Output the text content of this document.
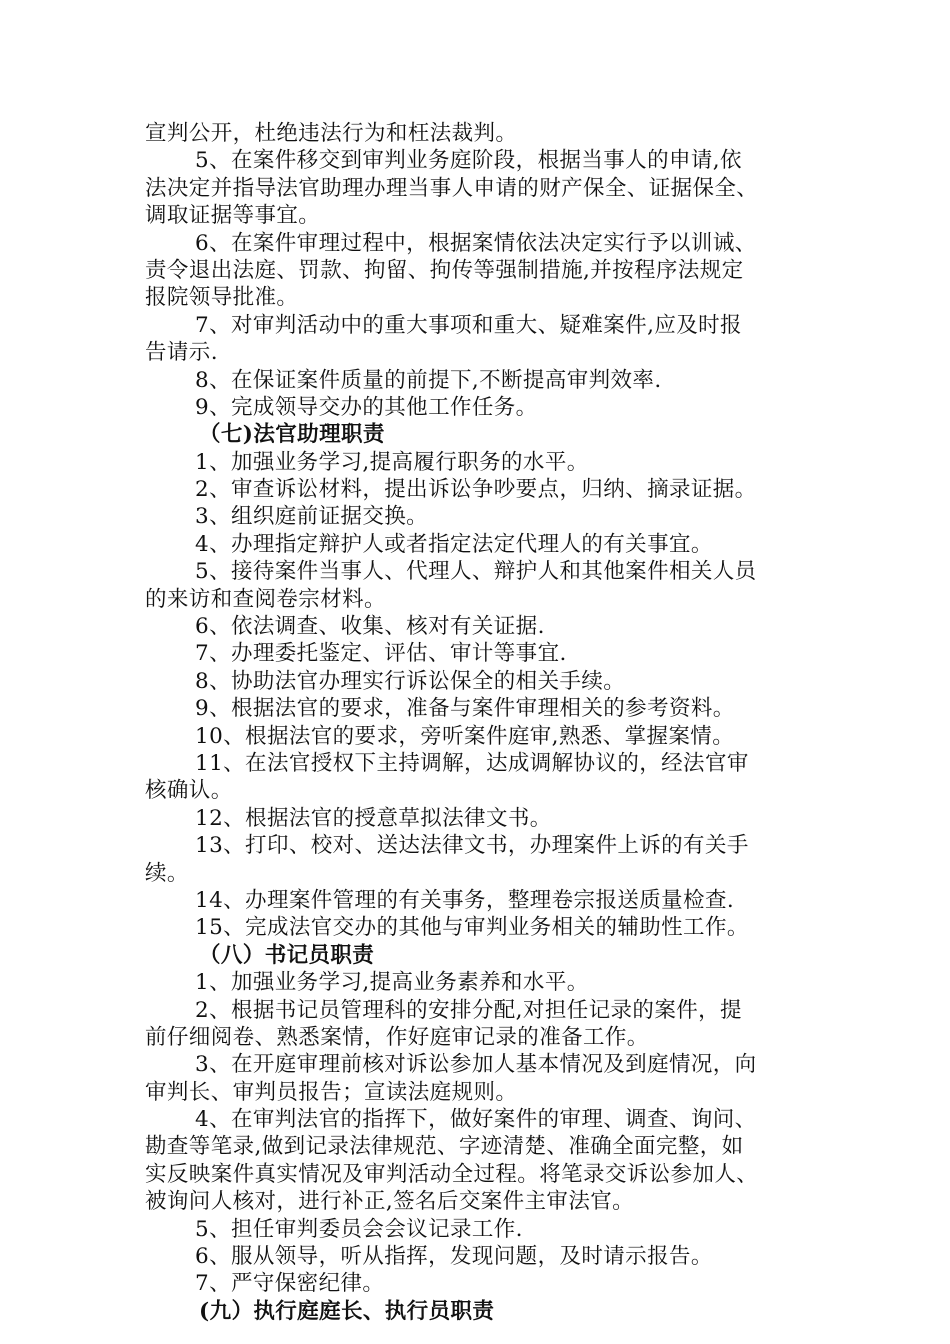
宣判公开，杜绝违法行为和枉法裁判。
5、在案件移交到审判业务庭阶段，根据当事人的申请,依
法决定并指导法官助理办理当事人申请的财产保全、证据保全、
调取证据等事宜。
6、在案件审理过程中，根据案情依法决定实行予以训诫、
责令退出法庭、罚款、拘留、拘传等强制措施,并按程序法规定
报院领导批准。
7、对审判活动中的重大事项和重大、疑难案件,应及时报
告请示.
8、在保证案件质量的前提下,不断提高审判效率.
9、完成领导交办的其他工作任务。
（七)法官助理职责
1、加强业务学习,提高履行职务的水平。
2、审查诉讼材料，提出诉讼争吵要点，归纳、摘录证据。
3、组织庭前证据交换。
4、办理指定辩护人或者指定法定代理人的有关事宜。
5、接待案件当事人、代理人、辩护人和其他案件相关人员
的来访和查阅卷宗材料。
6、依法调查、收集、核对有关证据.
7、办理委托鉴定、评估、审计等事宜.
8、协助法官办理实行诉讼保全的相关手续。
9、根据法官的要求，准备与案件审理相关的参考资料。
10、根据法官的要求，旁听案件庭审,熟悉、掌握案情。
11、在法官授权下主持调解，达成调解协议的，经法官审
核确认。
12、根据法官的授意草拟法律文书。
13、打印、校对、送达法律文书，办理案件上诉的有关手
续。
14、办理案件管理的有关事务，整理卷宗报送质量检查.
15、完成法官交办的其他与审判业务相关的辅助性工作。
（八）书记员职责
1、加强业务学习,提高业务素养和水平。
2、根据书记员管理科的安排分配,对担任记录的案件，提
前仔细阅卷、熟悉案情，作好庭审记录的准备工作。
3、在开庭审理前核对诉讼参加人基本情况及到庭情况，向
审判长、审判员报告；宣读法庭规则。
4、在审判法官的指挥下，做好案件的审理、调查、询问、
勘查等笔录,做到记录法律规范、字迹清楚、准确全面完整，如
实反映案件真实情况及审判活动全过程。将笔录交诉讼参加人、
被询问人核对，进行补正,签名后交案件主审法官。
5、担任审判委员会会议记录工作.
6、服从领导，听从指挥，发现问题，及时请示报告。
7、严守保密纪律。
(九）执行庭庭长、执行员职责
